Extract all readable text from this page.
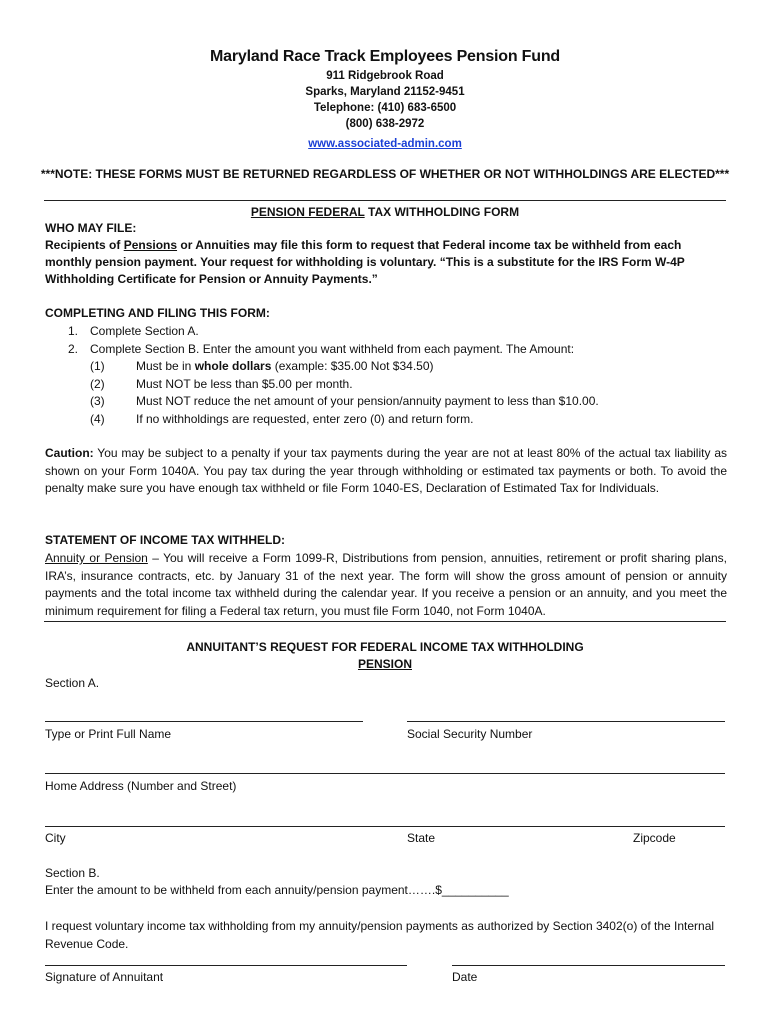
Maryland Race Track Employees Pension Fund
911 Ridgebrook Road
Sparks, Maryland 21152-9451
Telephone: (410) 683-6500
(800) 638-2972
www.associated-admin.com
***NOTE: THESE FORMS MUST BE RETURNED REGARDLESS OF WHETHER OR NOT WITHHOLDINGS ARE ELECTED***
PENSION FEDERAL TAX WITHHOLDING FORM
WHO MAY FILE:
Recipients of Pensions or Annuities may file this form to request that Federal income tax be withheld from each
monthly pension payment. Your request for withholding is voluntary. “This is a substitute for the IRS Form W-4P
Withholding Certificate for Pension or Annuity Payments.”
COMPLETING AND FILING THIS FORM:
1. Complete Section A.
2. Complete Section B. Enter the amount you want withheld from each payment. The Amount:
(1)	Must be in whole dollars (example: $35.00 Not $34.50)
(2)	Must NOT be less than $5.00 per month.
(3)	Must NOT reduce the net amount of your pension/annuity payment to less than $10.00.
(4)	If no withholdings are requested, enter zero (0) and return form.
Caution: You may be subject to a penalty if your tax payments during the year are not at least 80% of the actual tax liability as shown on your Form 1040A. You pay tax during the year through withholding or estimated tax payments or both. To avoid the penalty make sure you have enough tax withheld or file Form 1040-ES, Declaration of Estimated Tax for Individuals.
STATEMENT OF INCOME TAX WITHHELD:
Annuity or Pension – You will receive a Form 1099-R, Distributions from pension, annuities, retirement or profit sharing plans, IRA’s, insurance contracts, etc. by January 31 of the next year. The form will show the gross amount of pension or annuity payments and the total income tax withheld during the calendar year. If you receive a pension or an annuity, and you meet the minimum requirement for filing a Federal tax return, you must file Form 1040, not Form 1040A.
ANNUITANT’S REQUEST FOR FEDERAL INCOME TAX WITHHOLDING
PENSION
Section A.
Type or Print Full Name	Social Security Number
Home Address (Number and Street)
City	State	Zipcode
Section B.
Enter the amount to be withheld from each annuity/pension payment…….$__________
I request voluntary income tax withholding from my annuity/pension payments as authorized by Section 3402(o) of the Internal Revenue Code.
Signature of Annuitant	Date
